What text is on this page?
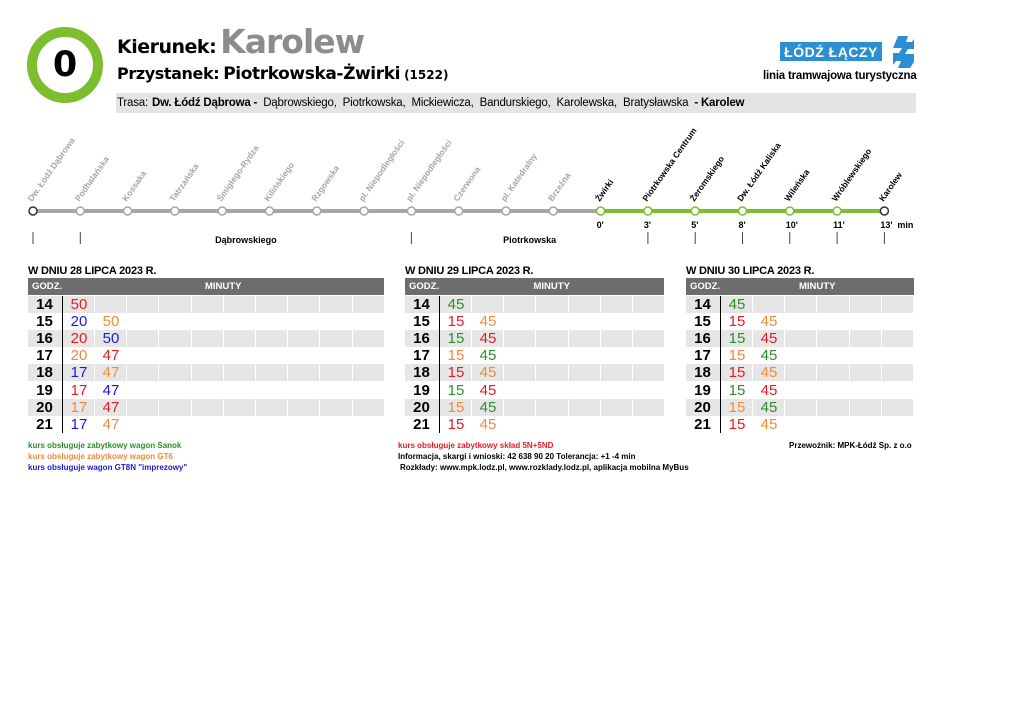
0 Kierunek: Karolew
Przystanek: Piotrkowska-Żwirki (1522)
ŁÓDŹ ŁĄCZY
linia tramwajowa turystyczna
Trasa: Dw. Łódź Dąbrowa - Dąbrowskiego, Piotrkowska, Mickiewicza, Bandurskiego, Karolewska, Bratysławska - Karolew
Dw. Łódź Dąbrowa
Podhalańska Kossaka Tatrzańska Śmigłego-Rydza Kilińskiego Rzgowska pl. Niepodległości
pl. Niepodległości
Czerwona pl. Katedralny Brzeźna Żwirki
0'
Piotrkowska Centrum
3'
Żeromskiego
5'
Dw. Łódź Kaliska
8'
Wileńska
10'
Wróblewskiego
11'
Karolew
13' min
Dąbrowskiego	Piotrkowska
W DNIU 28 LIPCA 2023 R.
GODZ.	MINUTY
14	50
15	20	50
16	20	50
17	20	47
18	17	47
19	17	47
20	17	47
21	17	47
W DNIU 29 LIPCA 2023 R.
GODZ.	MINUTY
14	45
15	15	45
16	15	45
17	15	45
18	15	45
19	15	45
20	15	45
21	15	45
W DNIU 30 LIPCA 2023 R.
GODZ.	MINUTY
14	45
15	15	45
16	15	45
17	15	45
18	15	45
19	15	45
20	15	45
21	15	45
kurs obsługuje zabytkowy wagon Sanok
kurs obsługuje zabytkowy wagon GT6
kurs obsługuje wagon GT8N "imprezowy"
kurs obsługuje zabytkowy skład 5N+5ND
Informacja, skargi i wnioski: 42 638 90 20 Tolerancja: +1 -4 min
Rozkłady: www.mpk.lodz.pl, www.rozklady.lodz.pl, aplikacja mobilna MyBus
Przewoźnik: MPK-Łódź Sp. z o.o
